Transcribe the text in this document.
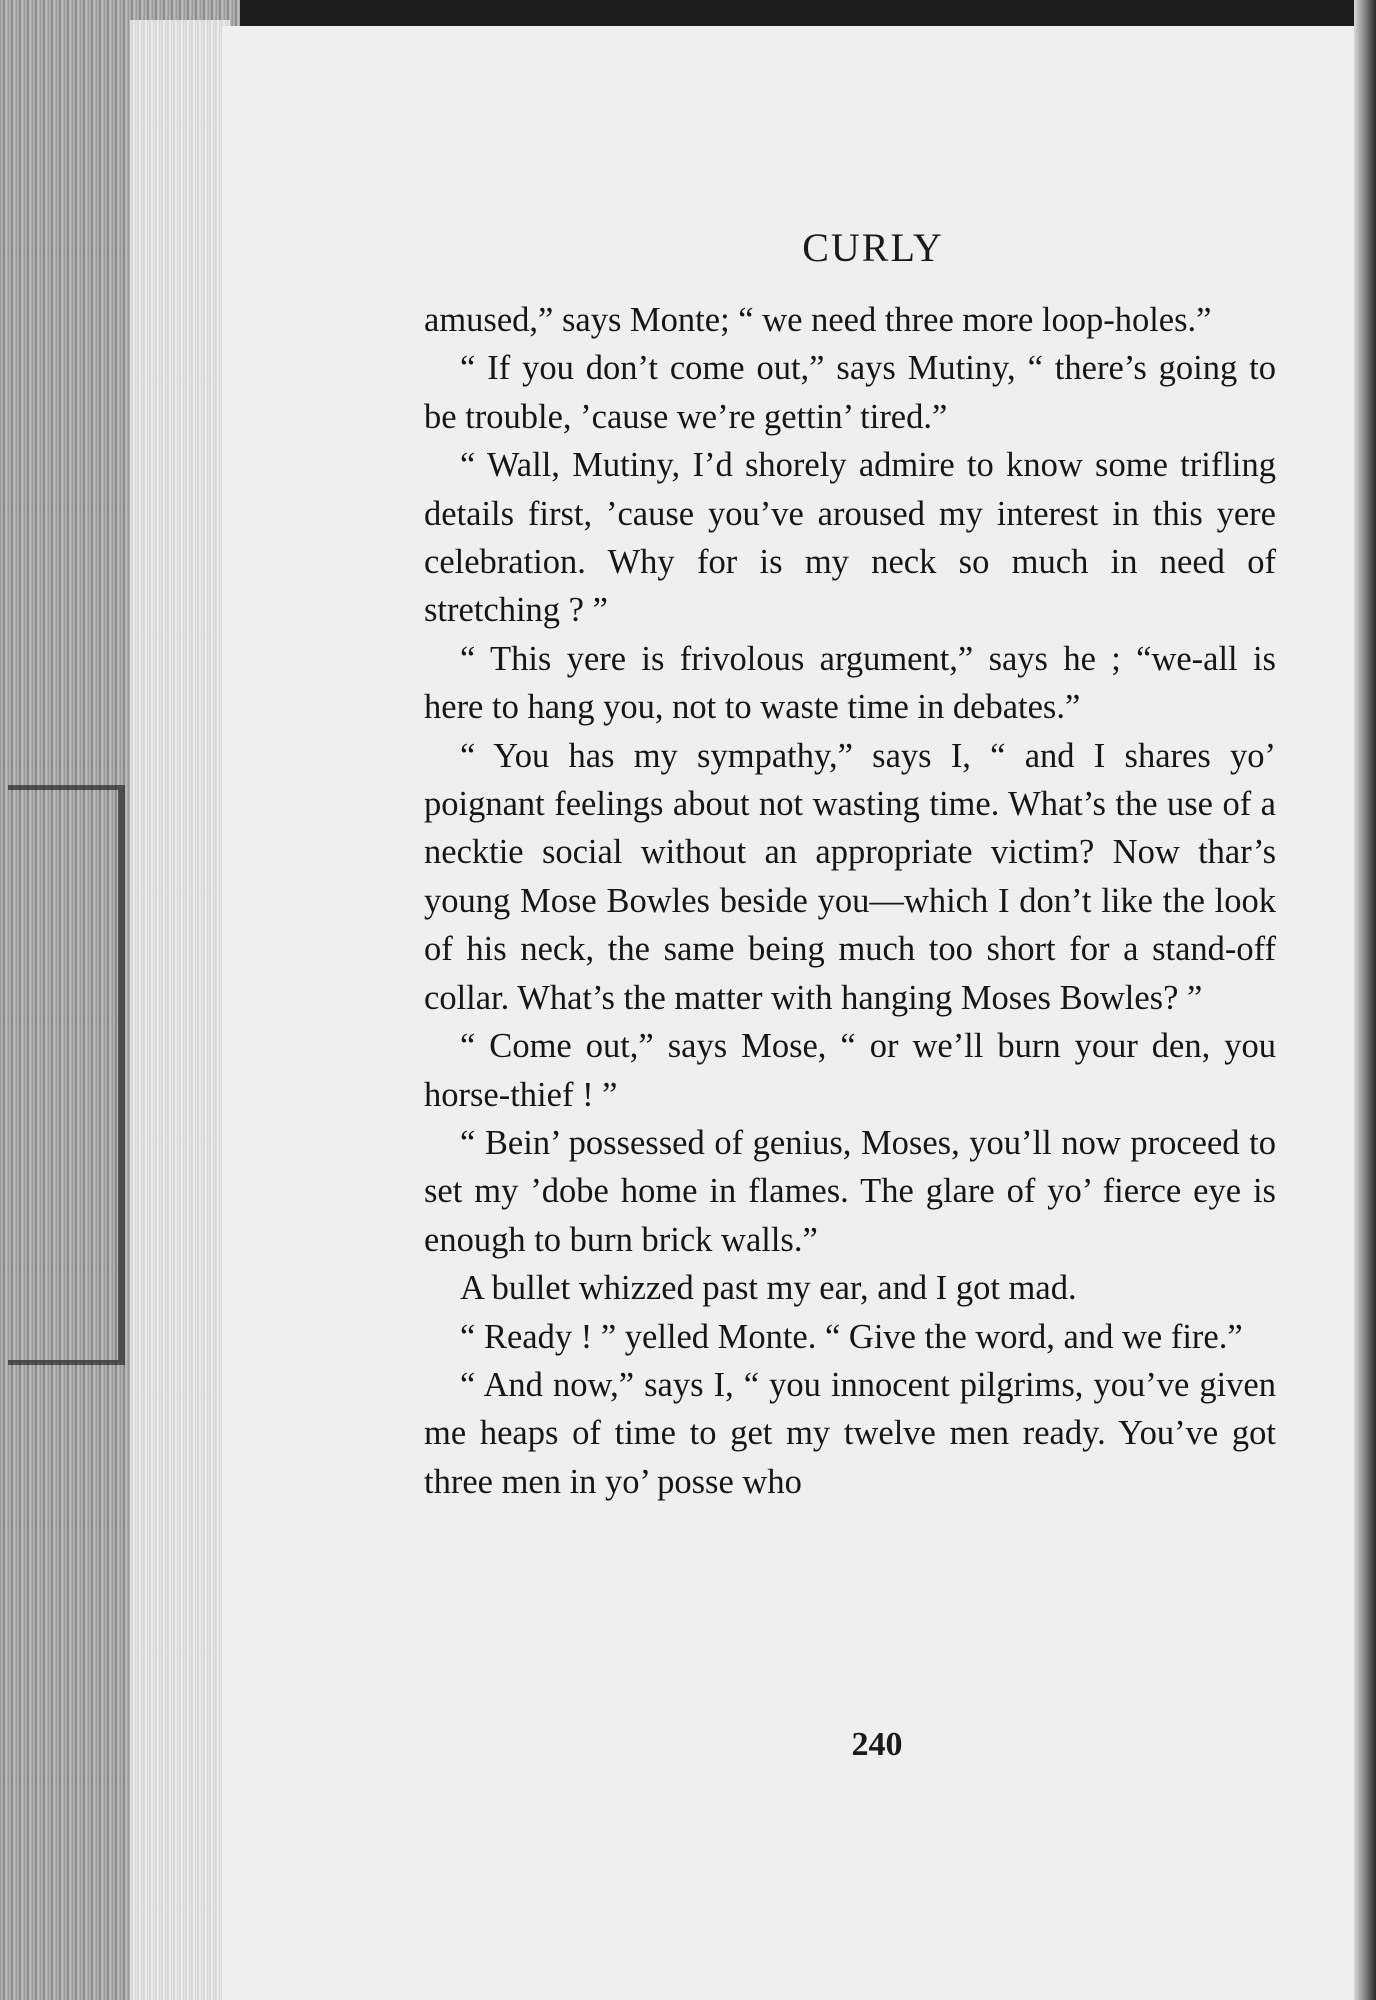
CURLY

amused,” says Monte; “ we need three more loop-holes.”

“ If you don’t come out,” says Mutiny, “ there’s going to be trouble, ’cause we’re gettin’ tired.”

“ Wall, Mutiny, I’d shorely admire to know some trifling details first, ’cause you’ve aroused my interest in this yere celebration. Why for is my neck so much in need of stretching ? ”

“ This yere is frivolous argument,” says he ; “we-all is here to hang you, not to waste time in debates.”

“ You has my sympathy,” says I, “ and I shares yo’ poignant feelings about not wasting time. What’s the use of a necktie social without an appropriate victim? Now thar’s young Mose Bowles beside you—which I don’t like the look of his neck, the same being much too short for a stand-off collar. What’s the matter with hanging Moses Bowles? ”

“ Come out,” says Mose, “ or we’ll burn your den, you horse-thief ! ”

“ Bein’ possessed of genius, Moses, you’ll now proceed to set my ’dobe home in flames. The glare of yo’ fierce eye is enough to burn brick walls.”

A bullet whizzed past my ear, and I got mad.

“ Ready ! ” yelled Monte. “ Give the word, and we fire.”

“ And now,” says I, “ you innocent pilgrims, you’ve given me heaps of time to get my twelve men ready. You’ve got three men in yo’ posse who

240
